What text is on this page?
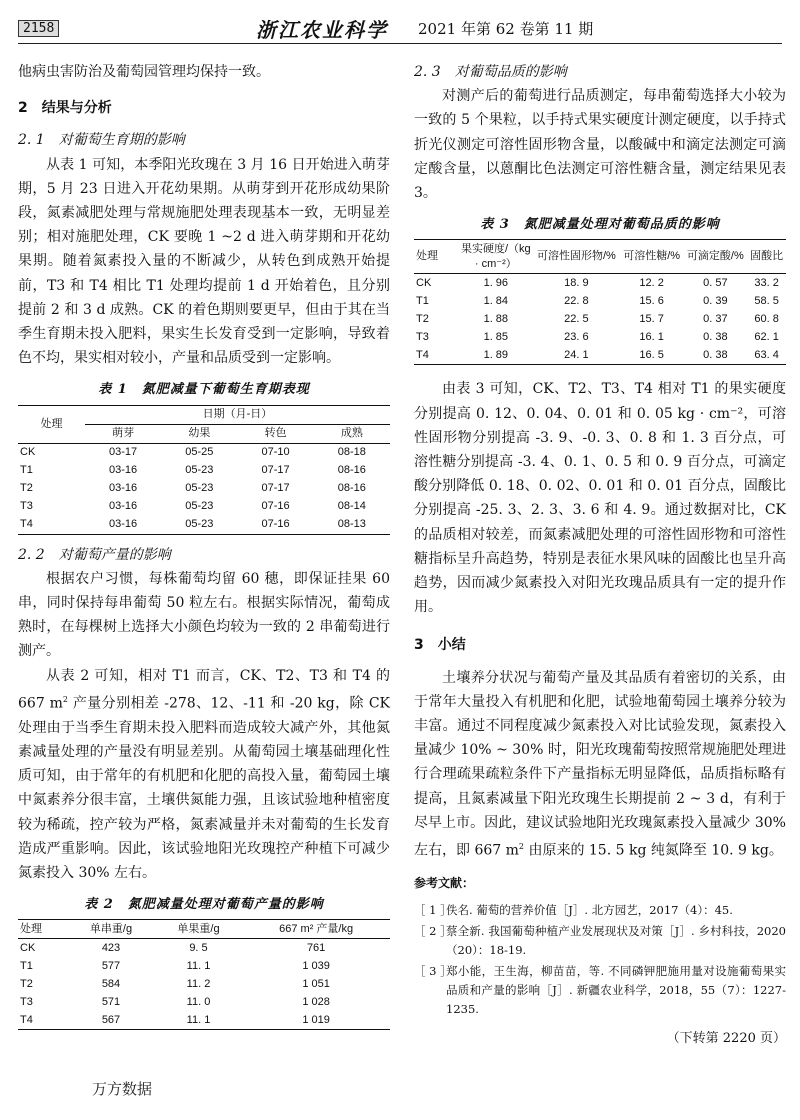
2158	浙江农业科学 2021 年第 62 卷第 11 期

他病虫害防治及葡萄园管理均保持一致。

2　结果与分析
2. 1　对葡萄生育期的影响

从表 1 可知，本季阳光玫瑰在 3 月 16 日开始进入萌芽期，5 月 23 日进入开花幼果期。从萌芽到开花形成幼果阶段，氮素减肥处理与常规施肥处理表现基本一致，无明显差别；相对施肥处理，CK 要晚 1 ~2 d 进入萌芽期和开花幼果期。随着氮素投入量的不断减少，从转色到成熟开始提前，T3 和 T4 相比 T1 处理均提前 1 d 开始着色，且分别提前 2 和 3 d 成熟。CK 的着色期则要更早，但由于其在当季生育期未投入肥料，果实生长发育受到一定影响，导致着色不均，果实相对较小，产量和品质受到一定影响。

表 1　氮肥减量下葡萄生育期表现
处理	日期（月-日）			
	萌芽	幼果	转色	成熟
CK	03-17	05-25	07-10	08-18
T1	03-16	05-23	07-17	08-16
T2	03-16	05-23	07-17	08-16
T3	03-16	05-23	07-16	08-14
T4	03-16	05-23	07-16	08-13
2. 2　对葡萄产量的影响

根据农户习惯，每株葡萄均留 60 穗，即保证挂果 60 串，同时保持每串葡萄 50 粒左右。根据实际情况，葡萄成熟时，在每棵树上选择大小颜色均较为一致的 2 串葡萄进行测产。

从表 2 可知，相对 T1 而言，CK、T2、T3 和 T4 的 667 $m^2$ 产量分别相差 -278、12、-11 和 -20 kg，除 CK 处理由于当季生育期未投入肥料而造成较大减产外，其他氮素减量处理的产量没有明显差别。从葡萄园土壤基础理化性质可知，由于常年的有机肥和化肥的高投入量，葡萄园土壤中氮素养分很丰富，土壤供氮能力强，且该试验地种植密度较为稀疏，控产较为严格，氮素减量并未对葡萄的生长发育造成严重影响。因此，该试验地阳光玫瑰控产种植下可减少氮素投入 30% 左右。

表 2　氮肥减量处理对葡萄产量的影响
处理	单串重/g	单果重/g	667 m² 产量/kg
CK	423	9. 5	761
T1	577	11. 1	1 039
T2	584	11. 2	1 051
T3	571	11. 0	1 028
T4	567	11. 1	1 019
2. 3　对葡萄品质的影响

对测产后的葡萄进行品质测定，每串葡萄选择大小较为一致的 5 个果粒，以手持式果实硬度计测定硬度，以手持式折光仪测定可溶性固形物含量，以酸碱中和滴定法测定可滴定酸含量，以蒽酮比色法测定可溶性糖含量，测定结果见表 3。

表 3　氮肥减量处理对葡萄品质的影响
处理	果实硬度/（kg · cm⁻²）	可溶性固形物/%	可溶性糖/%	可滴定酸/%	固酸比
CK	1. 96	18. 9	12. 2	0. 57	33. 2
T1	1. 84	22. 8	15. 6	0. 39	58. 5
T2	1. 88	22. 5	15. 7	0. 37	60. 8
T3	1. 85	23. 6	16. 1	0. 38	62. 1
T4	1. 89	24. 1	16. 5	0. 38	63. 4

由表 3 可知，CK、T2、T3、T4 相对 T1 的果实硬度分别提高 0. 12、0. 04、0. 01 和 0. 05 kg · cm⁻²，可溶性固形物分别提高 -3. 9、-0. 3、0. 8 和 1. 3 百分点，可溶性糖分别提高 -3. 4、0. 1、0. 5 和 0. 9 百分点，可滴定酸分别降低 0. 18、0. 02、0. 01 和 0. 01 百分点，固酸比分别提高 -25. 3、2. 3、3. 6 和 4. 9。通过数据对比，CK 的品质相对较差，而氮素减肥处理的可溶性固形物和可溶性糖指标呈升高趋势，特别是表征水果风味的固酸比也呈升高趋势，因而减少氮素投入对阳光玫瑰品质具有一定的提升作用。

3　小结

土壤养分状况与葡萄产量及其品质有着密切的关系，由于常年大量投入有机肥和化肥，试验地葡萄园土壤养分较为丰富。通过不同程度减少氮素投入对比试验发现，氮素投入量减少 10% ~ 30% 时，阳光玫瑰葡萄按照常规施肥处理进行合理疏果疏粒条件下产量指标无明显降低，品质指标略有提高，且氮素减量下阳光玫瑰生长期提前 2 ~ 3 d，有利于尽早上市。因此，建议试验地阳光玫瑰氮素投入量减少 30% 左右，即 667 $m^2$ 由原来的 15. 5 kg 纯氮降至 10. 9 kg。

参考文献：
［ 1 ］
佚名. 葡萄的营养价值［J］. 北方园艺，2017（4）：45.
［ 2 ］
蔡全新. 我国葡萄种植产业发展现状及对策［J］. 乡村科技，2020（20）：18-19.
［ 3 ］
郑小能，王生海，柳苗苗，等. 不同磷钾肥施用量对设施葡萄果实品质和产量的影响［J］. 新疆农业科学，2018，55（7）：1227-1235.
（下转第 2220 页）
万方数据
